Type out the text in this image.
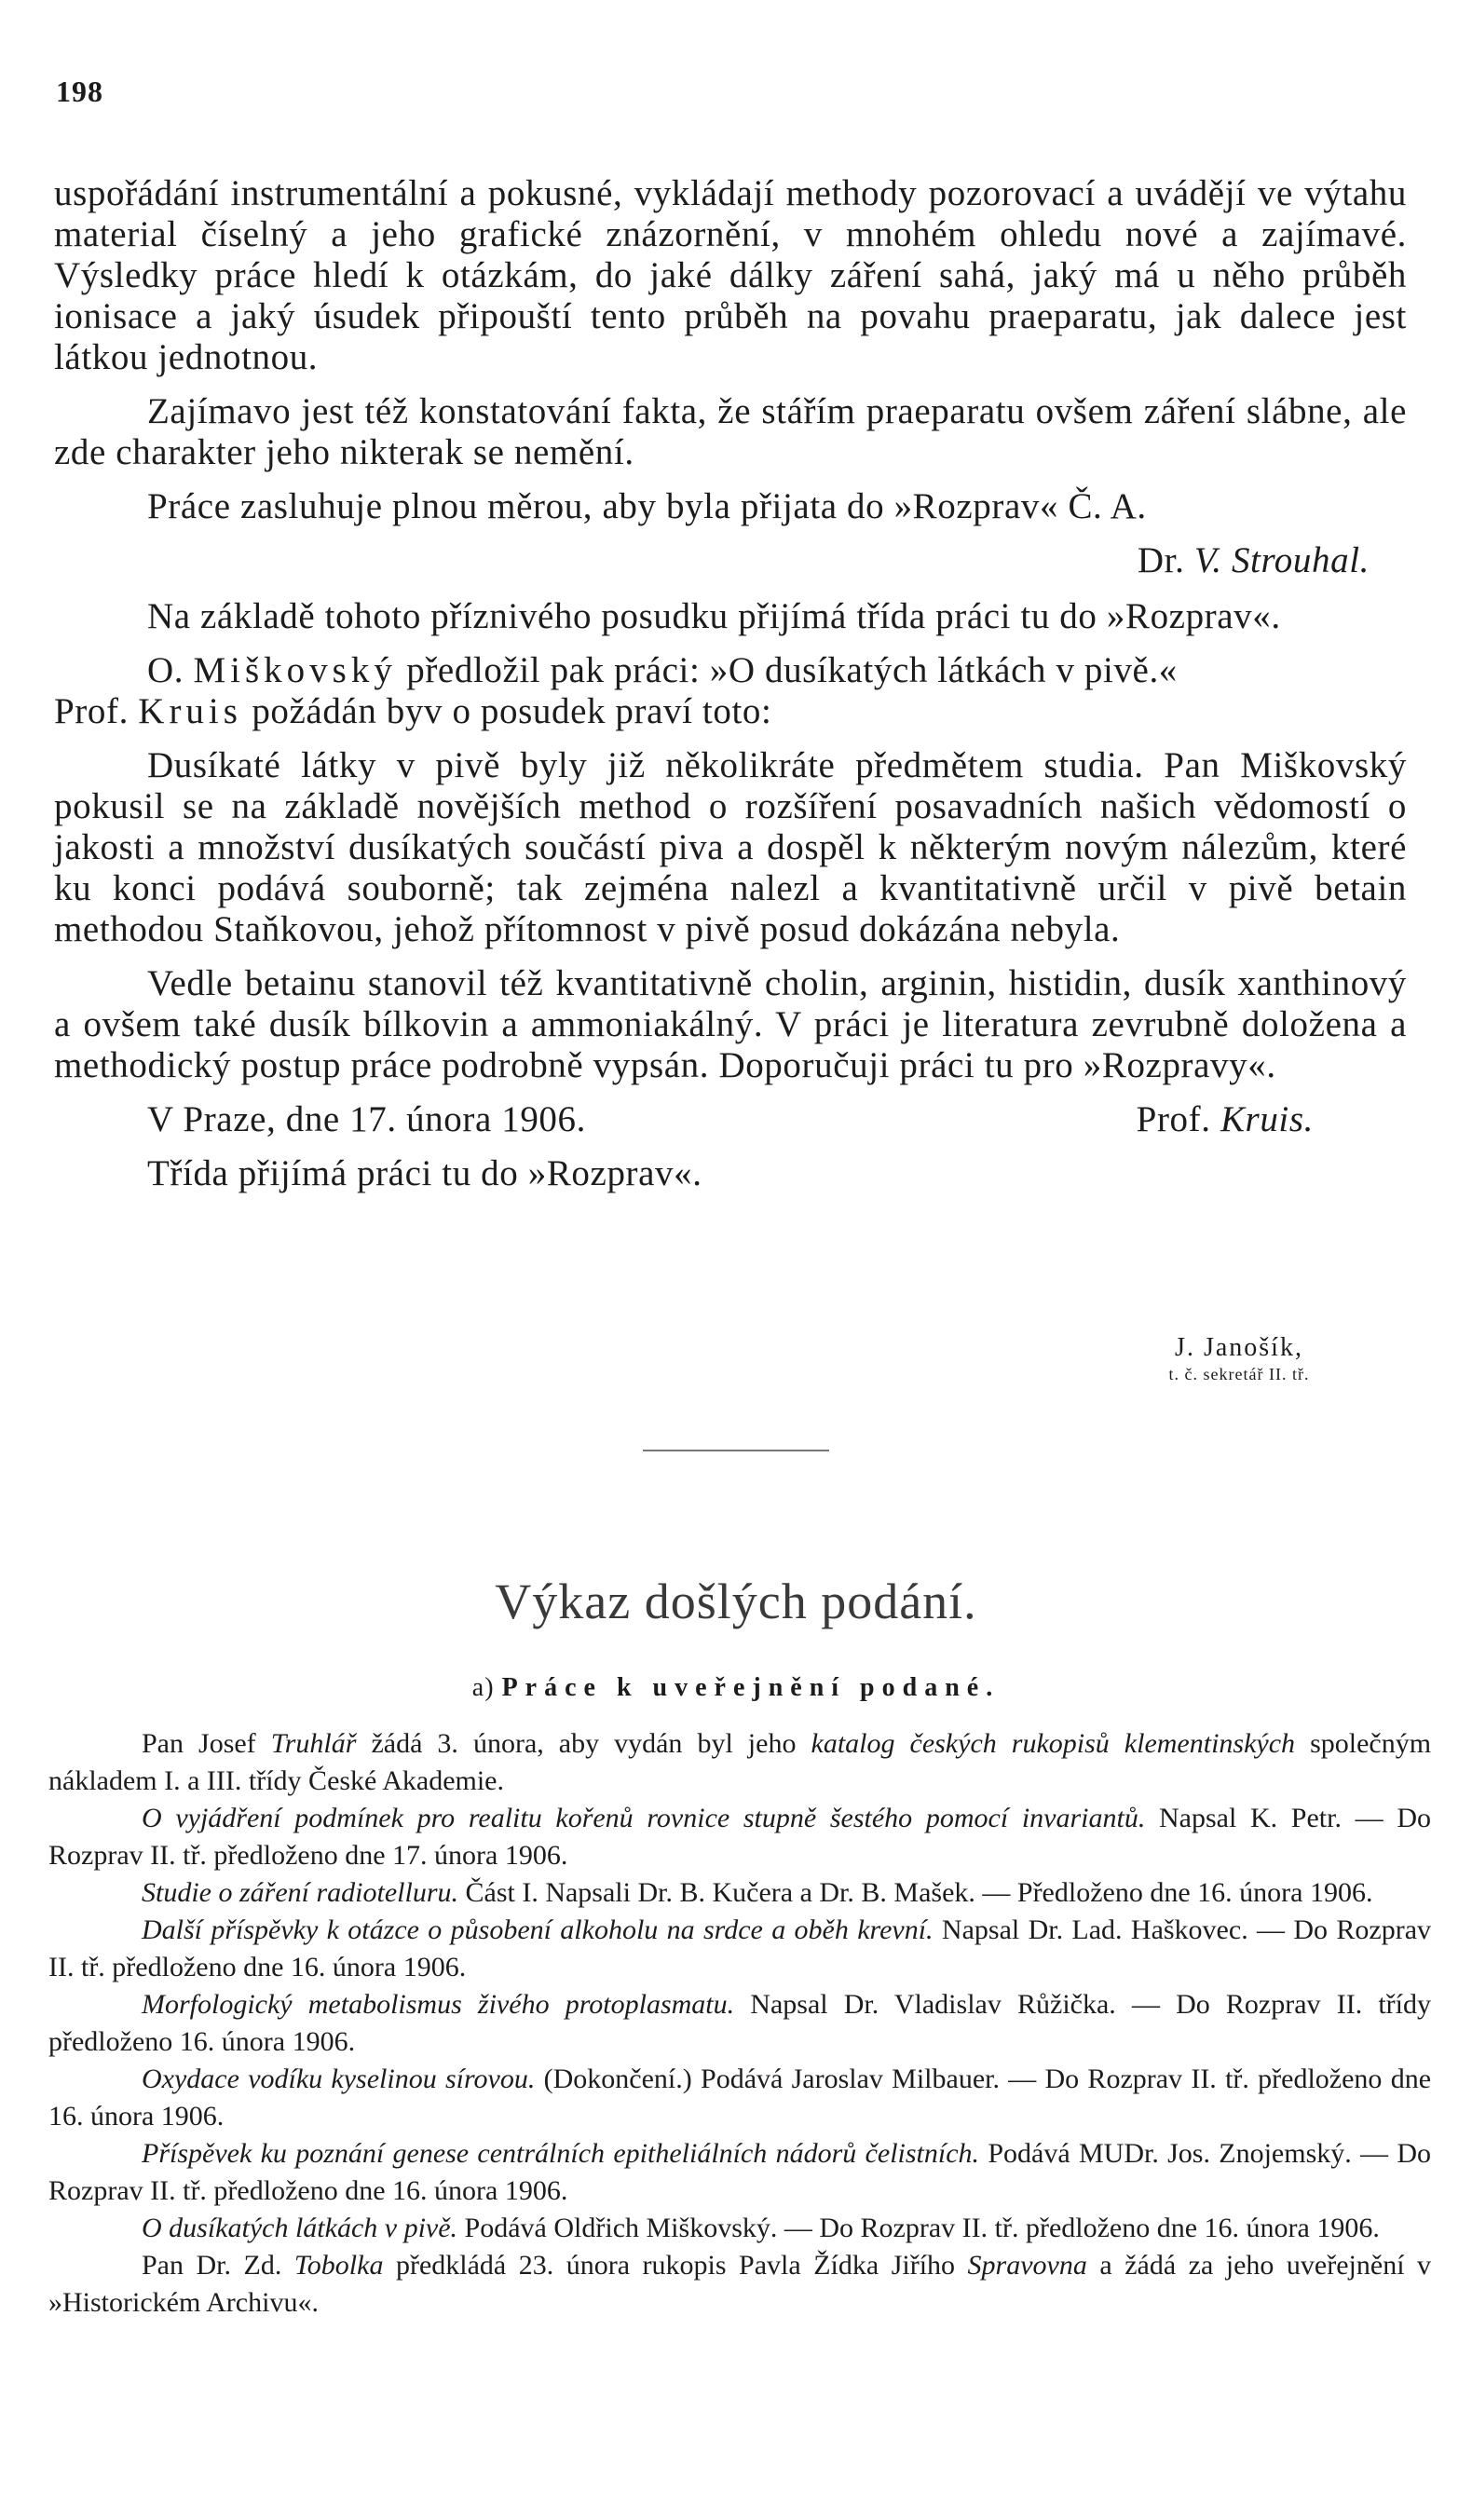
198

uspořádání instrumentální a pokusné, vykládají methody pozorovací a uvádějí ve výtahu material číselný a jeho grafické znázornění, v mnohém ohledu nové a zajímavé. Výsledky práce hledí k otázkám, do jaké dálky záření sahá, jaký má u něho průběh ionisace a jaký úsudek připouští tento průběh na povahu praeparatu, jak dalece jest látkou jednotnou.

Zajímavo jest též konstatování fakta, že stářím praeparatu ovšem záření slábne, ale zde charakter jeho nikterak se nemění.

Práce zasluhuje plnou měrou, aby byla přijata do »Rozprav« Č. A.

Dr. V. Strouhal.

Na základě tohoto příznivého posudku přijímá třída práci tu do »Rozprav«.

O. Miškovský předložil pak práci: »O dusíkatých látkách v pivě.«

Prof. Kruis požádán byv o posudek praví toto:

Dusíkaté látky v pivě byly již několikráte předmětem studia. Pan Miškovský pokusil se na základě novějších method o rozšíření posavadních našich vědomostí o jakosti a množství dusíkatých součástí piva a dospěl k některým novým nálezům, které ku konci podává souborně; tak zejména nalezl a kvantitativně určil v pivě betain methodou Staňkovou, jehož přítomnost v pivě posud dokázána nebyla.

Vedle betainu stanovil též kvantitativně cholin, arginin, histidin, dusík xanthinový a ovšem také dusík bílkovin a ammoniakálný. V práci je literatura zevrubně doložena a methodický postup práce podrobně vypsán. Doporučuji práci tu pro »Rozpravy«.

V Praze, dne 17. února 1906.	Prof. Kruis.

Třída přijímá práci tu do »Rozprav«.

J. Janošík,
t. č. sekretář II. tř.
Výkaz došlých podání.
a) Práce k uveřejnění podané.

Pan Josef Truhlář žádá 3. února, aby vydán byl jeho katalog českých rukopisů klementinských společným nákladem I. a III. třídy České Akademie.

O vyjádření podmínek pro realitu kořenů rovnice stupně šestého pomocí invariantů. Napsal K. Petr. — Do Rozprav II. tř. předloženo dne 17. února 1906.

Studie o záření radiotelluru. Část I. Napsali Dr. B. Kučera a Dr. B. Mašek. — Předloženo dne 16. února 1906.

Další příspěvky k otázce o působení alkoholu na srdce a oběh krevní. Napsal Dr. Lad. Haškovec. — Do Rozprav II. tř. předloženo dne 16. února 1906.

Morfologický metabolismus živého protoplasmatu. Napsal Dr. Vladislav Růžička. — Do Rozprav II. třídy předloženo 16. února 1906.

Oxydace vodíku kyselinou sírovou. (Dokončení.) Podává Jaroslav Milbauer. — Do Rozprav II. tř. předloženo dne 16. února 1906.

Příspěvek ku poznání genese centrálních epitheliálních nádorů čelistních. Podává MUDr. Jos. Znojemský. — Do Rozprav II. tř. předloženo dne 16. února 1906.

O dusíkatých látkách v pivě. Podává Oldřich Miškovský. — Do Rozprav II. tř. předloženo dne 16. února 1906.

Pan Dr. Zd. Tobolka předkládá 23. února rukopis Pavla Žídka Jiřího Spravovna a žádá za jeho uveřejnění v »Historickém Archivu«.
